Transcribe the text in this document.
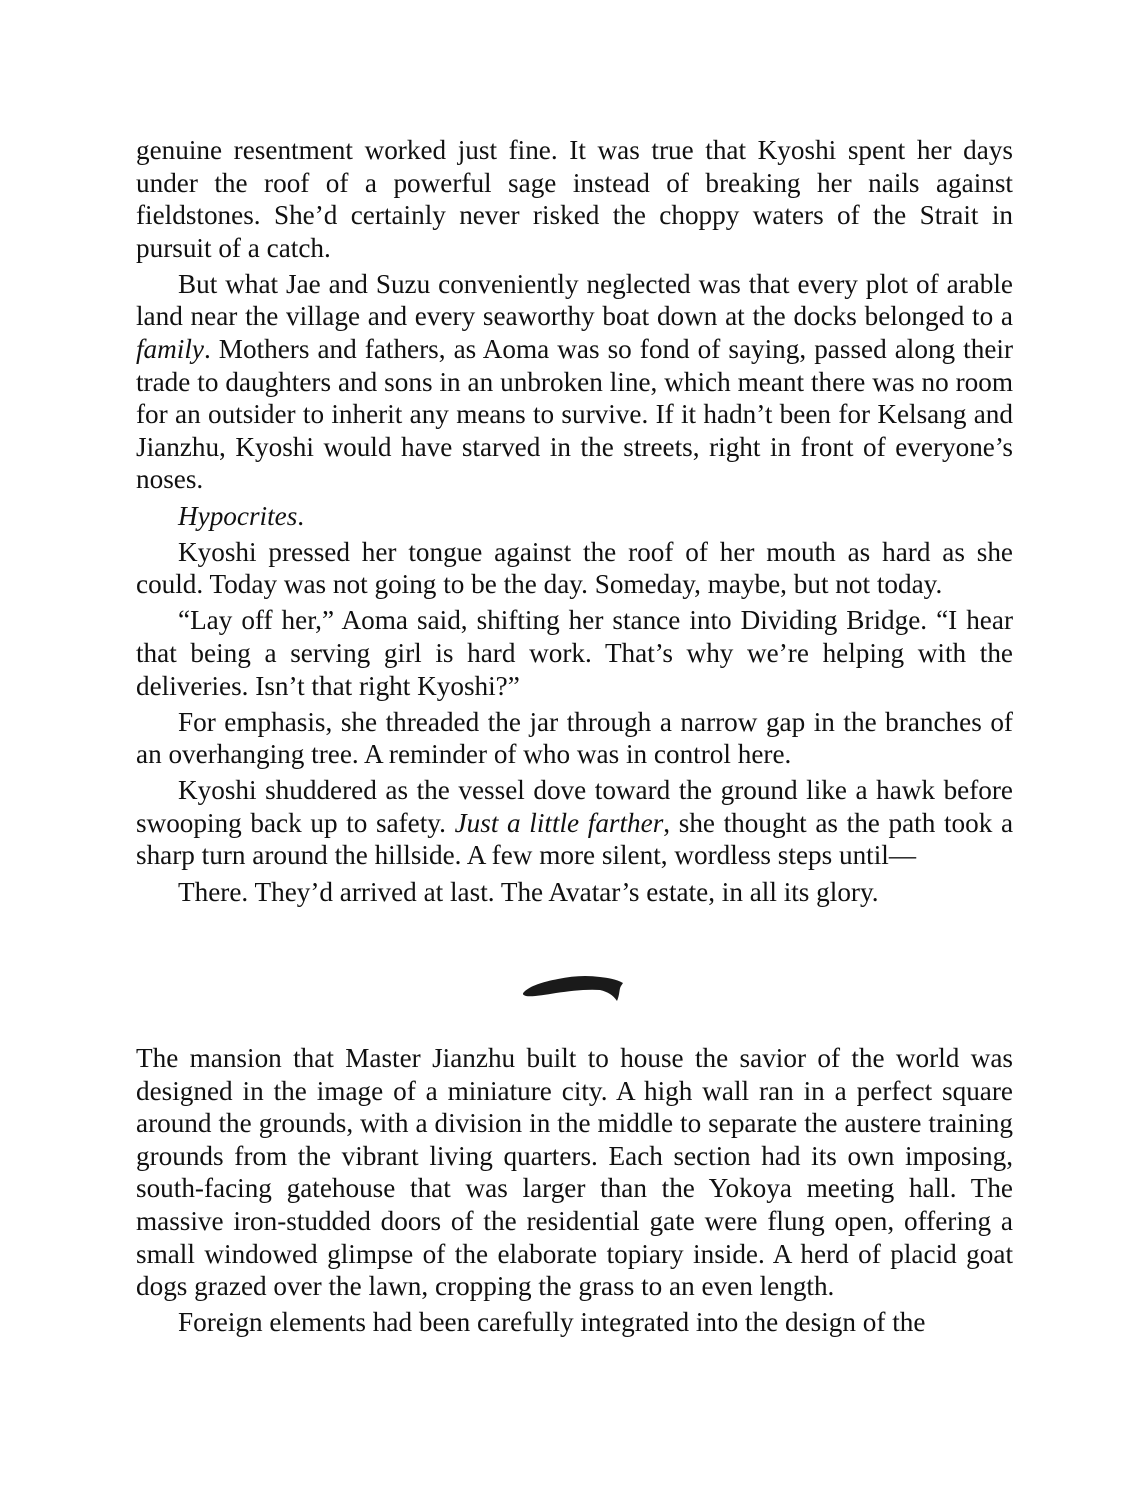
genuine resentment worked just fine. It was true that Kyoshi spent her days under the roof of a powerful sage instead of breaking her nails against fieldstones. She’d certainly never risked the choppy waters of the Strait in pursuit of a catch.

But what Jae and Suzu conveniently neglected was that every plot of arable land near the village and every seaworthy boat down at the docks belonged to a family. Mothers and fathers, as Aoma was so fond of saying, passed along their trade to daughters and sons in an unbroken line, which meant there was no room for an outsider to inherit any means to survive. If it hadn’t been for Kelsang and Jianzhu, Kyoshi would have starved in the streets, right in front of everyone’s noses.

Hypocrites.

Kyoshi pressed her tongue against the roof of her mouth as hard as she could. Today was not going to be the day. Someday, maybe, but not today.

“Lay off her,” Aoma said, shifting her stance into Dividing Bridge. “I hear that being a serving girl is hard work. That’s why we’re helping with the deliveries. Isn’t that right Kyoshi?”

For emphasis, she threaded the jar through a narrow gap in the branches of an overhanging tree. A reminder of who was in control here.

Kyoshi shuddered as the vessel dove toward the ground like a hawk before swooping back up to safety. Just a little farther, she thought as the path took a sharp turn around the hillside. A few more silent, wordless steps until—

There. They’d arrived at last. The Avatar’s estate, in all its glory.

The mansion that Master Jianzhu built to house the savior of the world was designed in the image of a miniature city. A high wall ran in a perfect square around the grounds, with a division in the middle to separate the austere training grounds from the vibrant living quarters. Each section had its own imposing, south-facing gatehouse that was larger than the Yokoya meeting hall. The massive iron-studded doors of the residential gate were flung open, offering a small windowed glimpse of the elaborate topiary inside. A herd of placid goat dogs grazed over the lawn, cropping the grass to an even length.

Foreign elements had been carefully integrated into the design of the
